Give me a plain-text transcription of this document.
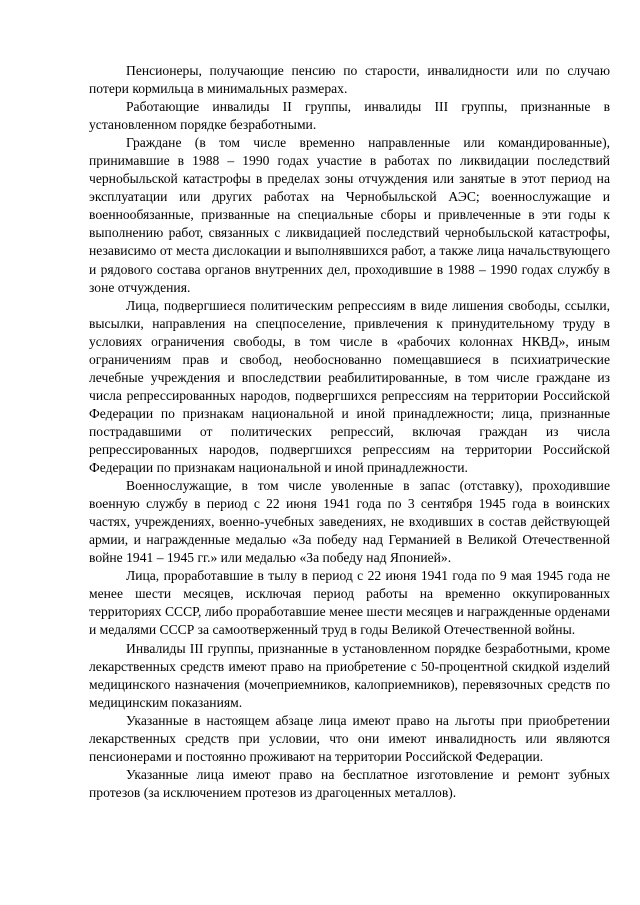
Пенсионеры, получающие пенсию по старости, инвалидности или по случаю потери кормильца в минимальных размерах.

Работающие инвалиды II группы, инвалиды III группы, признанные в установленном порядке безработными.

Граждане (в том числе временно направленные или командированные), принимавшие в 1988 – 1990 годах участие в работах по ликвидации последствий чернобыльской катастрофы в пределах зоны отчуждения или занятые в этот период на эксплуатации или других работах на Чернобыльской АЭС; военнослужащие и военнообязанные, призванные на специальные сборы и привлеченные в эти годы к выполнению работ, связанных с ликвидацией последствий чернобыльской катастрофы, независимо от места дислокации и выполнявшихся работ, а также лица начальствующего и рядового состава органов внутренних дел, проходившие в 1988 – 1990 годах службу в зоне отчуждения.

Лица, подвергшиеся политическим репрессиям в виде лишения свободы, ссылки, высылки, направления на спецпоселение, привлечения к принудительному труду в условиях ограничения свободы, в том числе в «рабочих колоннах НКВД», иным ограничениям прав и свобод, необоснованно помещавшиеся в психиатрические лечебные учреждения и впоследствии реабилитированные, в том числе граждане из числа репрессированных народов, подвергшихся репрессиям на территории Российской Федерации по признакам национальной и иной принадлежности; лица, признанные пострадавшими от политических репрессий, включая граждан из числа репрессированных народов, подвергшихся репрессиям на территории Российской Федерации по признакам национальной и иной принадлежности.

Военнослужащие, в том числе уволенные в запас (отставку), проходившие военную службу в период с 22 июня 1941 года по 3 сентября 1945 года в воинских частях, учреждениях, военно-учебных заведениях, не входивших в состав действующей армии, и награжденные медалью «За победу над Германией в Великой Отечественной войне 1941 – 1945 гг.» или медалью «За победу над Японией».

Лица, проработавшие в тылу в период с 22 июня 1941 года по 9 мая 1945 года не менее шести месяцев, исключая период работы на временно оккупированных территориях СССР, либо проработавшие менее шести месяцев и награжденные орденами и медалями СССР за самоотверженный труд в годы Великой Отечественной войны.

Инвалиды III группы, признанные в установленном порядке безработными, кроме лекарственных средств имеют право на приобретение с 50-процентной скидкой изделий медицинского назначения (мочеприемников, калоприемников), перевязочных средств по медицинским показаниям.

Указанные в настоящем абзаце лица имеют право на льготы при приобретении лекарственных средств при условии, что они имеют инвалидность или являются пенсионерами и постоянно проживают на территории Российской Федерации.

Указанные лица имеют право на бесплатное изготовление и ремонт зубных протезов (за исключением протезов из драгоценных металлов).
